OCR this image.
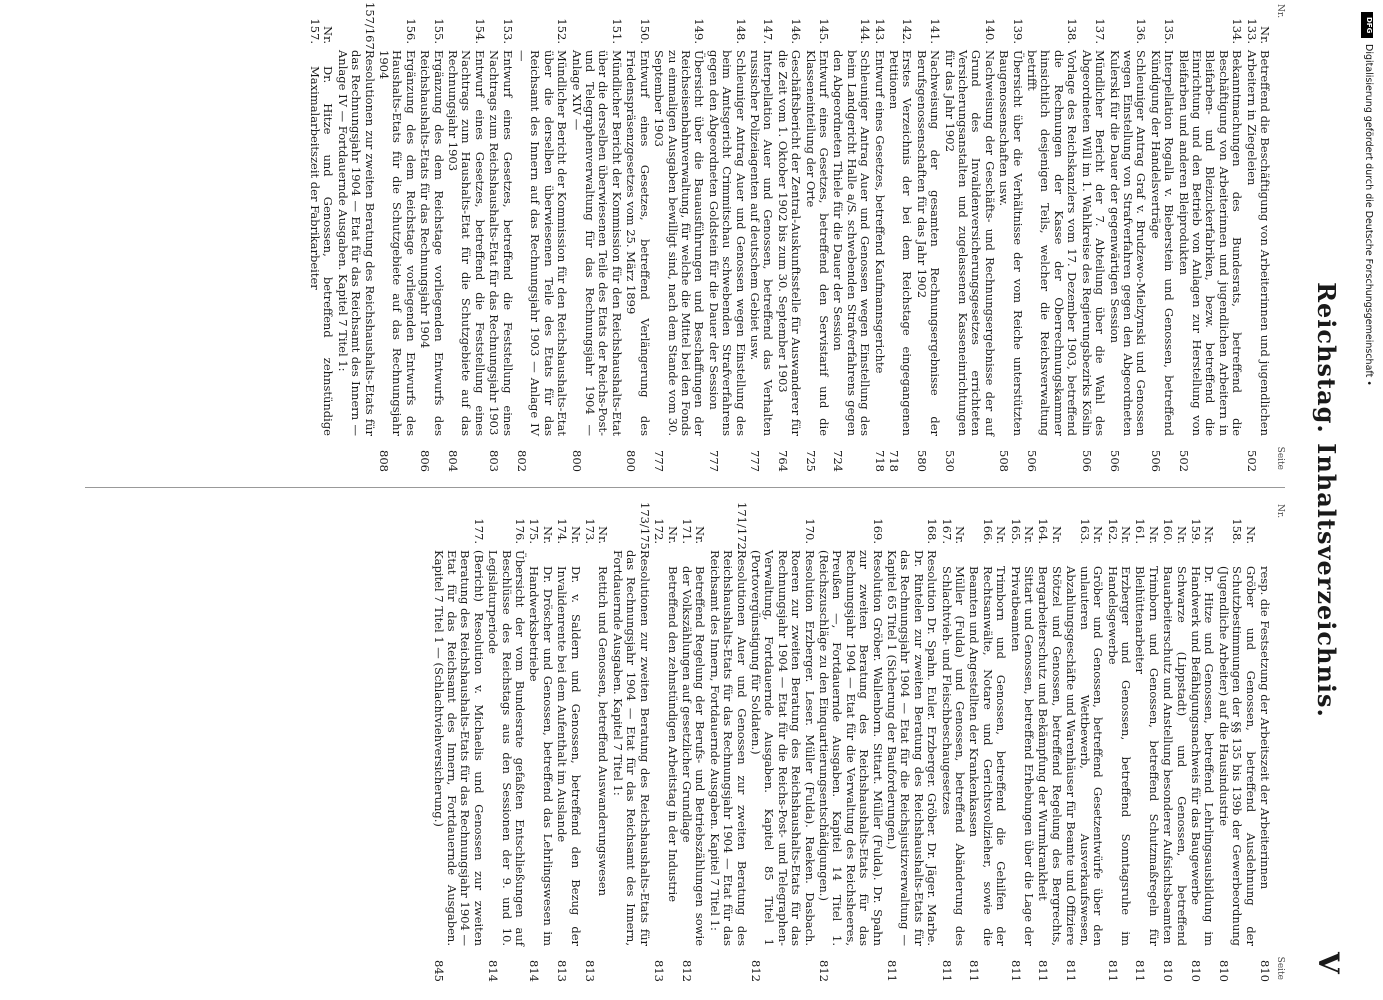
Reichstag. Inhaltsverzeichnis.
V
Nr.
Seite
Nr. 133.
Betreffend die Beschäftigung von Arbeiterinnen und jugendlichen Arbeitern in Ziegeleien
502
134.
Bekanntmachungen des Bundesrats, betreffend die Beschäftigung von Arbeiterinnen und jugendlichen Arbeitern in Bleifarben- und Bleizuckerfabriken, bezw. betreffend die Einrichtung und den Betrieb von Anlagen zur Herstellung von Bleifarben und anderen Bleiprodukten
502
135.
Interpellation Rogalla v. Bieberstein und Genossen, betreffend Kündigung der Handelsverträge
506
136.
Schleuniger Antrag Graf v. Brudzewo-Mielzynski und Genossen wegen Einstellung von Strafverfahren gegen den Abgeordneten Kulerski für die Dauer der gegenwärtigen Session
506
137.
Mündlicher Bericht der 7. Abteilung über die Wahl des Abgeordneten Will im 1. Wahlkreise des Regierungsbezirks Köslin
506
138.
Vorlage des Reichskanzlers vom 17. Dezember 1903, betreffend die Rechnungen der Kasse der Oberrechnungskammer hinsichtlich desjenigen Teils, welcher die Reichsverwaltung betrifft
506
139.
Übersicht über die Verhältnisse der vom Reiche unterstützten Baugenossenschaften usw.
508
140.
Nachweisung der Geschäfts- und Rechnungsergebnisse der auf Grund des Invalidenversicherungsgesetzes errichteten Versicherungsanstalten und zugelassenen Kasseneinrichtungen für das Jahr 1902
530
141.
Nachweisung der gesamten Rechnungsergebnisse der Berufsgenossenschaften für das Jahr 1902
580
142.
Erstes Verzeichnis der bei dem Reichstage eingegangenen Petitionen
718
143.
Entwurf eines Gesetzes, betreffend Kaufmannsgerichte
718
144.
Schleuniger Antrag Auer und Genossen wegen Einstellung des beim Landgericht Halle a/S. schwebenden Strafverfahrens gegen den Abgeordneten Thiele für die Dauer der Session
724
145.
Entwurf eines Gesetzes, betreffend den Servistarif und die Klasseneinteilung der Orte
725
146.
Geschäftsbericht der Zentral-Auskunftsstelle für Auswanderer für die Zeit vom 1. Oktober 1902 bis zum 30. September 1903
764
147.
Interpellation Auer und Genossen, betreffend das Verhalten russischer Polizeiagenten auf deutschem Gebiet usw.
777
148.
Schleuniger Antrag Auer und Genossen wegen Einstellung des beim Amtsgericht Crimmitschau schwebenden Strafverfahrens gegen den Abgeordneten Goldstein für die Dauer der Session
777
149.
Übersicht über die Bauausführungen und Beschaffungen der Reichseisenbahnverwaltung, für welche die Mittel bei den Fonds zu einmaligen Ausgaben bewilligt sind, nach dem Stande vom 30. September 1903
777
150.
Entwurf eines Gesetzes, betreffend Verlängerung des Friedenspräsenzgesetzes vom 25. März 1899
800
151.
Mündlicher Bericht der Kommission für den Reichshaushalts-Etat über die derselben überwiesenen Teile des Etats der Reichs-Post- und Telegraphenverwaltung für das Rechnungsjahr 1904 — Anlage XIV —
800
152.
Mündlicher Bericht der Kommission für den Reichshaushalts-Etat über die derselben überwiesenen Teile des Etats für das Reichsamt des Innern auf das Rechnungsjahr 1903 — Anlage IV —
802
153.
Entwurf eines Gesetzes, betreffend die Feststellung eines Nachtrags zum Reichshaushalts-Etat für das Rechnungsjahr 1903
803
154.
Entwurf eines Gesetzes, betreffend die Feststellung eines Nachtrags zum Haushalts-Etat für die Schutzgebiete auf das Rechnungsjahr 1903
804
155.
Ergänzung des dem Reichstage vorliegenden Entwurfs des Reichshaushalts-Etats für das Rechnungsjahr 1904
806
156.
Ergänzung des dem Reichstage vorliegenden Entwurfs des Haushalts-Etats für die Schutzgebiete auf das Rechnungsjahr 1904
808
157/167.
Resolutionen zur zweiten Beratung des Reichshaushalts-Etats für das Rechnungsjahr 1904 — Etat für das Reichsamt des Innern — Anlage IV — Fortdauernde Ausgaben. Kapitel 7 Titel 1:
Nr. 157.
Dr. Hitze und Genossen, betreffend zehnstündige Maximalarbeitszeit der Fabrikarbeiter
Nr.
Seite
resp. die Festsetzung der Arbeitszeit der Arbeiterinnen
810
Nr. 158.
Gröber und Genossen, betreffend Ausdehnung der Schutzbestimmungen der §§ 135 bis 139b der Gewerbeordnung (Jugendliche Arbeiter) auf die Hausindustrie
810
Nr. 159.
Dr. Hitze und Genossen, betreffend Lehrlingsausbildung im Handwerk und Befähigungsnachweis für das Baugewerbe
810
Nr. 160.
Schwarze (Lippstadt) und Genossen, betreffend Bauarbeiterschutz und Anstellung besonderer Aufsichtsbeamten
810
Nr. 161.
Trimborn und Genossen, betreffend Schutzmaßregeln für Bleihüttenarbeiter
811
Nr. 162.
Erzberger und Genossen, betreffend Sonntagsruhe im Handelsgewerbe
811
Nr. 163.
Gröber und Genossen, betreffend Gesetzentwürfe über den unlauteren Wettbewerb, Ausverkaufswesen, Abzahlungsgeschäfte und Warenhäuser für Beamte und Offiziere
811
Nr. 164.
Stötzel und Genossen, betreffend Regelung des Bergrechts, Bergarbeiterschutz und Bekämpfung der Wurmkrankheit
811
Nr. 165.
Sittart und Genossen, betreffend Erhebungen über die Lage der Privatbeamten
811
Nr. 166.
Trimborn und Genossen, betreffend die Gehilfen der Rechtsanwälte, Notare und Gerichtsvollzieher, sowie die Beamten und Angestellten der Krankenkassen
811
Nr. 167.
Müller (Fulda) und Genossen, betreffend Abänderung des Schlachtvieh- und Fleischbeschaugesetzes
811
168.
Resolution Dr. Spahn. Euler. Erzberger. Gröber. Dr. Jäger. Marbe. Dr. Rintelen zur zweiten Beratung des Reichshaushalts-Etats für das Rechnungsjahr 1904 — Etat für die Reichsjustizverwaltung — Kapitel 65 Titel 1 (Sicherung der Bauforderungen.)
811
169.
Resolution Gröber. Wallenborn. Sittart. Müller (Fulda). Dr. Spahn zur zweiten Beratung des Reichshaushalts-Etats für das Rechnungsjahr 1904 — Etat für die Verwaltung des Reichsheeres, Preußen —, Fortdauernde Ausgaben. Kapitel 14 Titel 1. (Reichszuschläge zu den Einquartierungsentschädigungen.)
812
170.
Resolution Erzberger. Leser. Müller (Fulda). Raeken. Dasbach. Roeren zur zweiten Beratung des Reichshaushalts-Etats für das Rechnungsjahr 1904 — Etat für die Reichs-Post- und Telegraphen-Verwaltung, Fortdauernde Ausgaben. Kapitel 85 Titel 1 (Portovergünstigung für Soldaten.)
812
171/172.
Resolutionen Auer und Genossen zur zweiten Beratung des Reichshaushalts-Etats für das Rechnungsjahr 1904 — Etat für das Reichsamt des Innern, Fortdauernde Ausgaben. Kapitel 7 Titel 1:
Nr. 171.
Betreffend Regelung der Berufs- und Betriebszählungen sowie der Volkszählungen auf gesetzlicher Grundlage
812
Nr. 172.
Betreffend den zehnstündigen Arbeitstag in der Industrie
813
173/175.
Resolutionen zur zweiten Beratung des Reichshaushalts-Etats für das Rechnungsjahr 1904 — Etat für das Reichsamt des Innern, Fortdauernde Ausgaben. Kapitel 7 Titel 1:
Nr. 173.
Rettich und Genossen, betreffend Auswanderungswesen
813
Nr. 174.
Dr. v. Saldern und Genossen, betreffend den Bezug der Invalidenrente bei dem Aufenthalt im Auslande
813
Nr. 175.
Dr. Dröscher und Genossen, betreffend das Lehrlingswesen im Handwerksbetriebe
814
176.
Übersicht der vom Bundesrate gefaßten Entschließungen auf Beschlüsse des Reichstags aus den Sessionen der 9. und 10. Legislaturperiode
814
177.
(Bericht) Resolution v. Michaelis und Genossen zur zweiten Beratung des Reichshaushalts-Etats für das Rechnungsjahr 1904 — Etat für das Reichsamt des Innern, Fortdauernde Ausgaben. Kapitel 7 Titel 1 — (Schlachtviehversicherung.)
845
DFG
Digitalisierung gefördert durch die Deutsche Forschungsgemeinschaft •
